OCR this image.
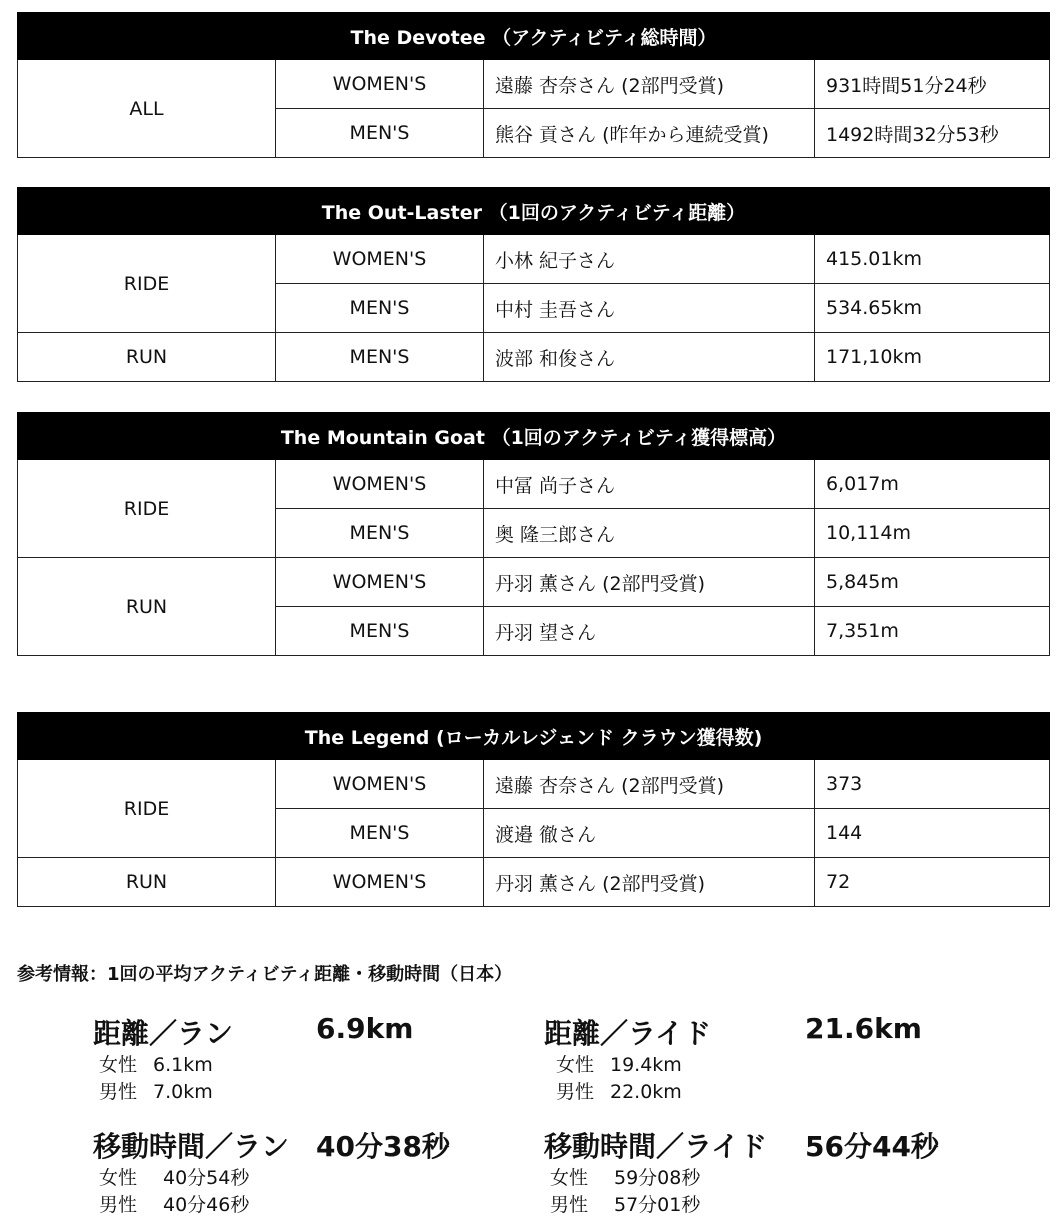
The Devotee （アクティビティ総時間）			
ALL	WOMEN'S	遠藤 杏奈さん (2部門受賞)	931時間51分24秒
	MEN'S	熊谷 貢さん (昨年から連続受賞)	1492時間32分53秒
The Out-Laster （1回のアクティビティ距離）			
RIDE	WOMEN'S	小林 紀子さん	415.01km
	MEN'S	中村 圭吾さん	534.65km
RUN	MEN'S	波部 和俊さん	171,10km
The Mountain Goat （1回のアクティビティ獲得標高）			
RIDE	WOMEN'S	中冨 尚子さん	6,017m
	MEN'S	奥 隆三郎さん	10,114m
RUN	WOMEN'S	丹羽 薫さん (2部門受賞)	5,845m
	MEN'S	丹羽 望さん	7,351m
The Legend (ローカルレジェンド クラウン獲得数)			
RIDE	WOMEN'S	遠藤 杏奈さん (2部門受賞)	373
	MEN'S	渡邉 徹さん	144
RUN	WOMEN'S	丹羽 薫さん (2部門受賞)	72
参考情報：1回の平均アクティビティ距離・移動時間（日本）
距離／ラン	6.9km
女性 6.1km
男性 7.0km
距離／ライド	21.6km
女性 19.4km
男性 22.0km
移動時間／ラン 40分38秒
女性 40分54秒
男性 40分46秒
移動時間／ライド 56分44秒
女性 59分08秒
男性 57分01秒
